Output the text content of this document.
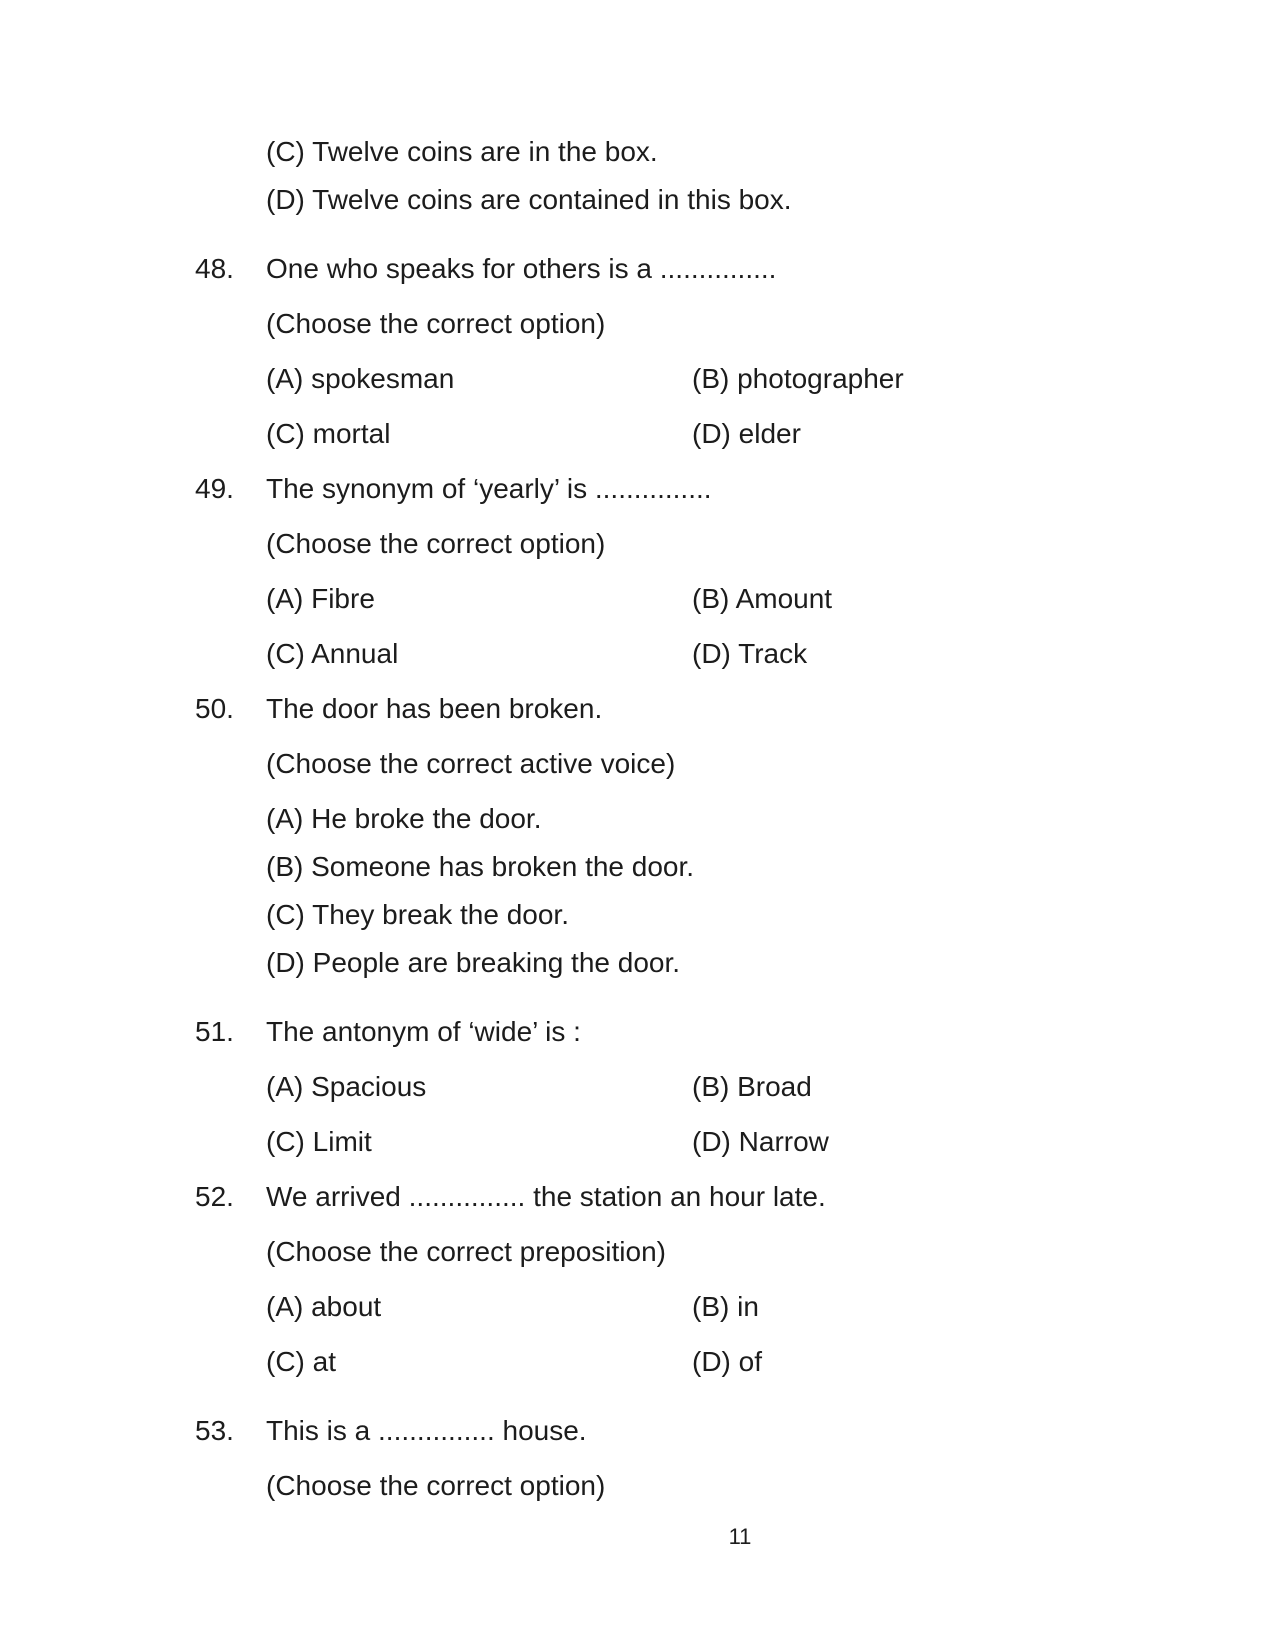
(C) Twelve coins are in the box.
(D) Twelve coins are contained in this box.
48.	One who speaks for others is a ...............
(Choose the correct option)
(A) spokesman	(B) photographer
(C) mortal	(D) elder
49.	The synonym of ‘yearly’ is ...............
(Choose the correct option)
(A) Fibre	(B) Amount
(C) Annual	(D) Track
50.	The door has been broken.
(Choose the correct active voice)
(A) He broke the door.
(B) Someone has broken the door.
(C) They break the door.
(D) People are breaking the door.
51.	The antonym of ‘wide’ is :
(A) Spacious	(B) Broad
(C) Limit	(D) Narrow
52.	We arrived ............... the station an hour late.
(Choose the correct preposition)
(A) about	(B) in
(C) at	(D) of
53.	This is a ............... house.
(Choose the correct option)
11
